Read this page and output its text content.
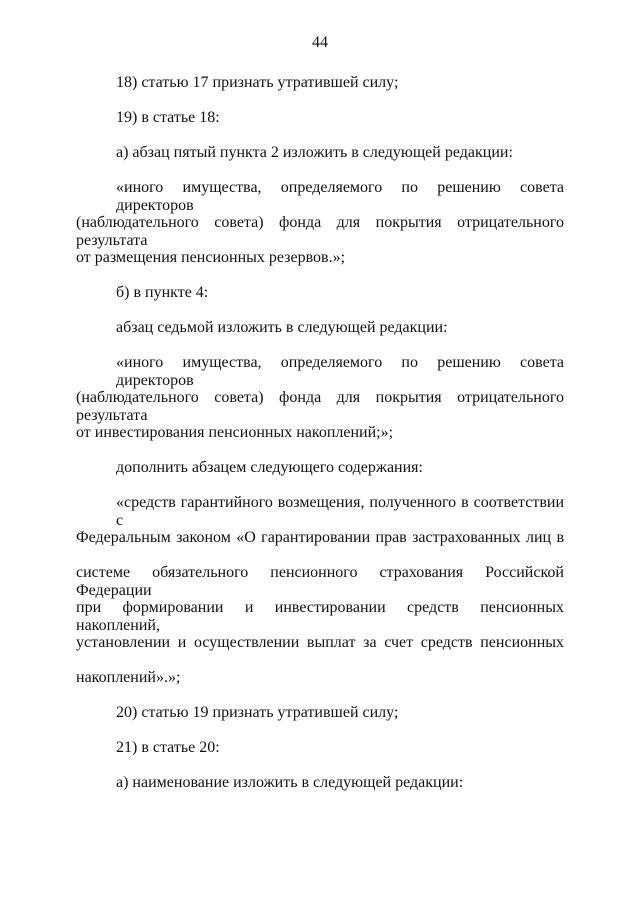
44
18) статью 17 признать утратившей силу;
19) в статье 18:
а) абзац пятый пункта 2 изложить в следующей редакции:
«иного имущества, определяемого по решению совета директоров
(наблюдательного совета) фонда для покрытия отрицательного результата
от размещения пенсионных резервов.»;
б) в пункте 4:
абзац седьмой изложить в следующей редакции:
«иного имущества, определяемого по решению совета директоров
(наблюдательного совета) фонда для покрытия отрицательного результата
от инвестирования пенсионных накоплений;»;
дополнить абзацем следующего содержания:
«средств гарантийного возмещения, полученного в соответствии с
Федеральным законом «О гарантировании прав застрахованных лиц в
системе обязательного пенсионного страхования Российской Федерации
при формировании и инвестировании средств пенсионных накоплений,
установлении и осуществлении выплат за счет средств пенсионных
накоплений».»;
20) статью 19 признать утратившей силу;
21) в статье 20:
а) наименование изложить в следующей редакции:
